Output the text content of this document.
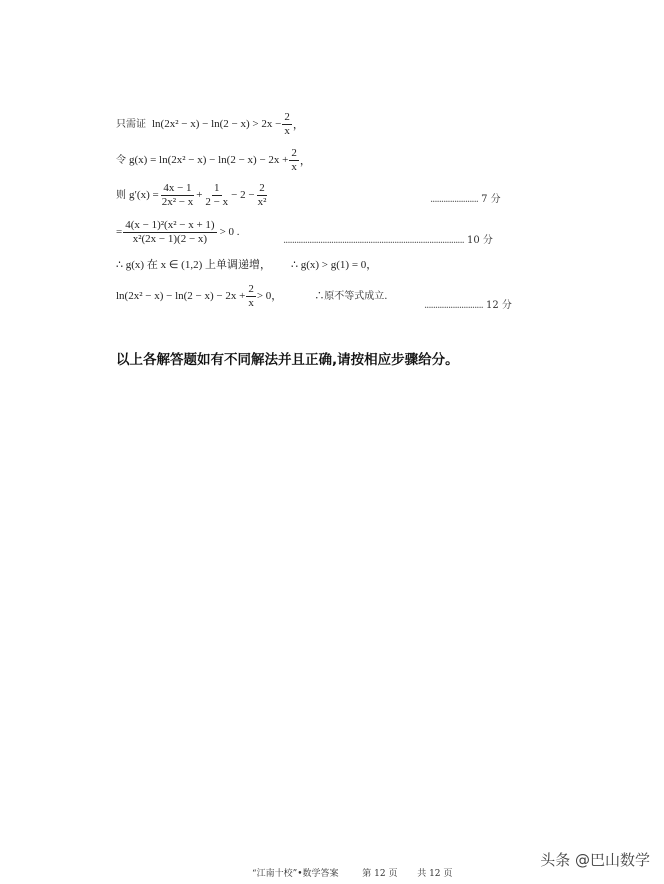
只需证 $\ln(2x^2 - x) - \ln(2 - x) > 2x - \frac{2}{x}$ ，
令 $g(x) = \ln(2x^2 - x) - \ln(2 - x) - 2x + \frac{2}{x}$ ，
则 $g'(x) = \frac{4x - 1}{\text{2x² − x}} + \frac{1}{2 - x} - 2 - \frac{2}{\text{x²}}$	...................... 7 分
= $\frac{\text{4(x − 1)²(x² − x + 1)}}{\text{x²(2x − 1)(2 − x)}} > 0$ .
................................................................................... 10 分
∴ g(x) 在 x ∈ (1,2) 上单调递增， ∴ g(x) > g(1) = 0，
$\ln(2x^2 - x) - \ln(2 - x) - 2x + \frac{2}{x} > 0$，	∴原不等式成立.
........................... 12 分
以上各解答题如有不同解法并且正确,请按相应步骤给分。
“江南十校”•数学答案	第 12 页 共 12 页
头条 @巴山数学
